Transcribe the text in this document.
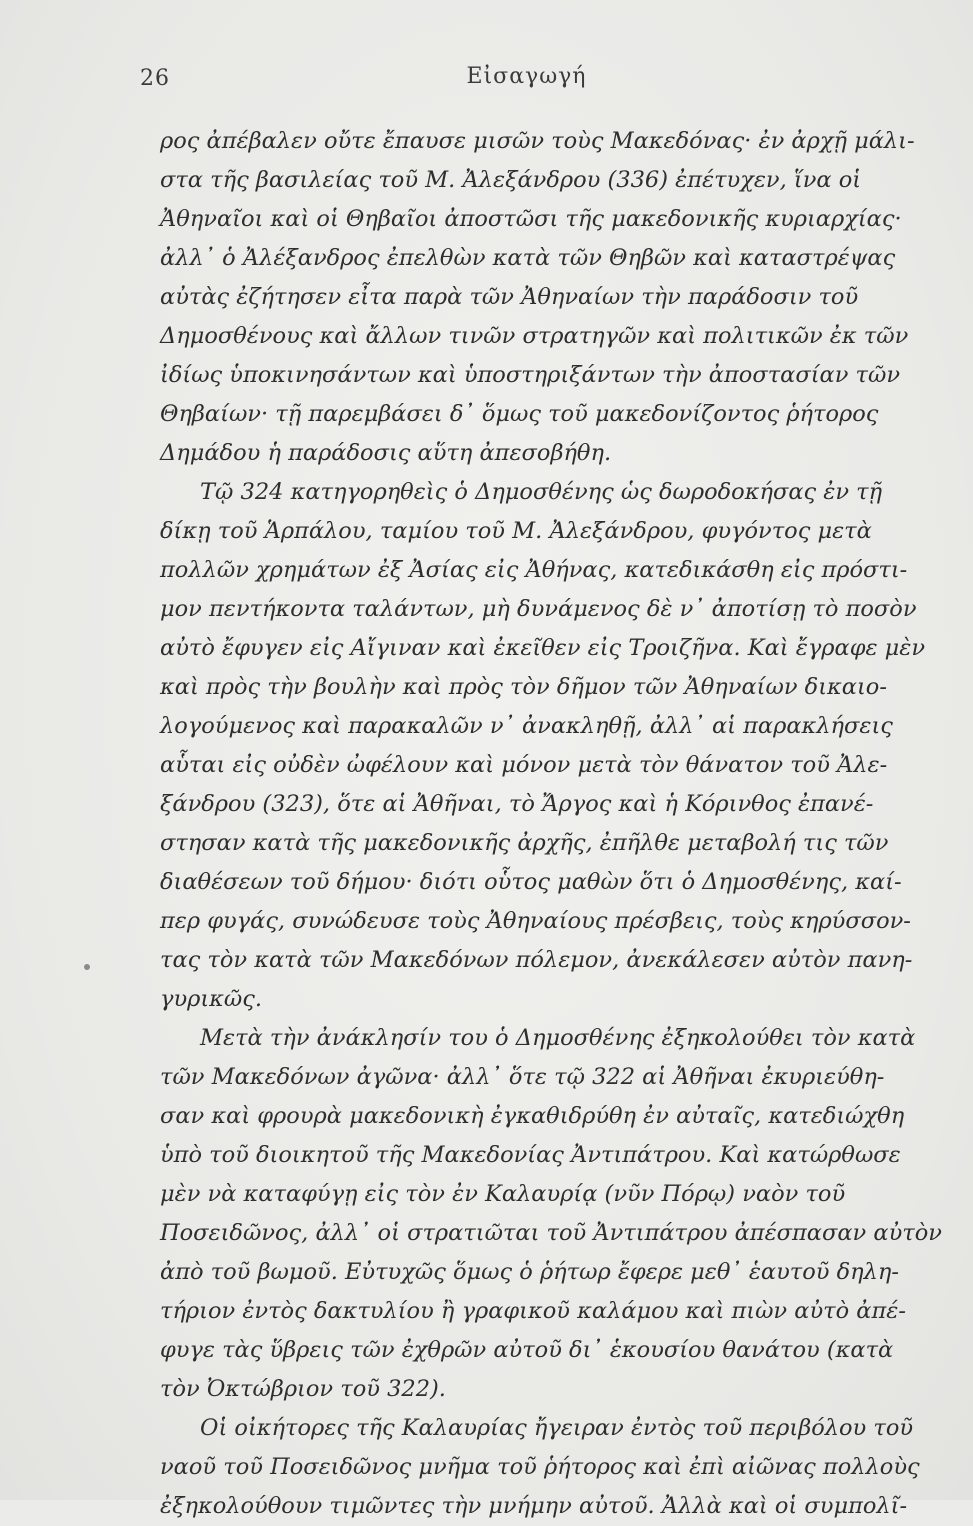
26	Εἰσαγωγή
ρος ἀπέβαλεν οὔτε ἔπαυσε μισῶν τοὺς Μακεδόνας· ἐν ἀρχῇ μάλι-
στα τῆς βασιλείας τοῦ Μ. Ἀλεξάνδρου (336) ἐπέτυχεν, ἵνα οἱ
Ἀθηναῖοι καὶ οἱ Θηβαῖοι ἀποστῶσι τῆς μακεδονικῆς κυριαρχίας·
ἀλλ᾽ ὁ Ἀλέξανδρος ἐπελθὼν κατὰ τῶν Θηβῶν καὶ καταστρέψας
αὐτὰς ἐζήτησεν εἶτα παρὰ τῶν Ἀθηναίων τὴν παράδοσιν τοῦ
Δημοσθένους καὶ ἄλλων τινῶν στρατηγῶν καὶ πολιτικῶν ἐκ τῶν
ἰδίως ὑποκινησάντων καὶ ὑποστηριξάντων τὴν ἀποστασίαν τῶν
Θηβαίων· τῇ παρεμβάσει δ᾽ ὅμως τοῦ μακεδονίζοντος ῥήτορος
Δημάδου ἡ παράδοσις αὕτη ἀπεσοβήθη.
Τῷ 324 κατηγορηθεὶς ὁ Δημοσθένης ὡς δωροδοκήσας ἐν τῇ
δίκῃ τοῦ Ἁρπάλου, ταμίου τοῦ Μ. Ἀλεξάνδρου, φυγόντος μετὰ
πολλῶν χρημάτων ἐξ Ἀσίας εἰς Ἀθήνας, κατεδικάσθη εἰς πρόστι-
μον πεντήκοντα ταλάντων, μὴ δυνάμενος δὲ ν᾽ ἀποτίσῃ τὸ ποσὸν
αὐτὸ ἔφυγεν εἰς Αἴγιναν καὶ ἐκεῖθεν εἰς Τροιζῆνα. Καὶ ἔγραφε μὲν
καὶ πρὸς τὴν βουλὴν καὶ πρὸς τὸν δῆμον τῶν Ἀθηναίων δικαιο-
λογούμενος καὶ παρακαλῶν ν᾽ ἀνακληθῇ, ἀλλ᾽ αἱ παρακλήσεις
αὗται εἰς οὐδὲν ὠφέλουν καὶ μόνον μετὰ τὸν θάνατον τοῦ Ἀλε-
ξάνδρου (323), ὅτε αἱ Ἀθῆναι, τὸ Ἄργος καὶ ἡ Κόρινθος ἐπανέ-
στησαν κατὰ τῆς μακεδονικῆς ἀρχῆς, ἐπῆλθε μεταβολή τις τῶν
διαθέσεων τοῦ δήμου· διότι οὗτος μαθὼν ὅτι ὁ Δημοσθένης, καί-
περ φυγάς, συνώδευσε τοὺς Ἀθηναίους πρέσβεις, τοὺς κηρύσσον-
τας τὸν κατὰ τῶν Μακεδόνων πόλεμον, ἀνεκάλεσεν αὐτὸν πανη-
γυρικῶς.
Μετὰ τὴν ἀνάκλησίν του ὁ Δημοσθένης ἐξηκολούθει τὸν κατὰ
τῶν Μακεδόνων ἀγῶνα· ἀλλ᾽ ὅτε τῷ 322 αἱ Ἀθῆναι ἐκυριεύθη-
σαν καὶ φρουρὰ μακεδονικὴ ἐγκαθιδρύθη ἐν αὐταῖς, κατεδιώχθη
ὑπὸ τοῦ διοικητοῦ τῆς Μακεδονίας Ἀντιπάτρου. Καὶ κατώρθωσε
μὲν νὰ καταφύγῃ εἰς τὸν ἐν Καλαυρίᾳ (νῦν Πόρῳ) ναὸν τοῦ
Ποσειδῶνος, ἀλλ᾽ οἱ στρατιῶται τοῦ Ἀντιπάτρου ἀπέσπασαν αὐτὸν
ἀπὸ τοῦ βωμοῦ. Εὐτυχῶς ὅμως ὁ ῥήτωρ ἔφερε μεθ᾽ ἑαυτοῦ δηλη-
τήριον ἐντὸς δακτυλίου ἢ γραφικοῦ καλάμου καὶ πιὼν αὐτὸ ἀπέ-
φυγε τὰς ὕβρεις τῶν ἐχθρῶν αὐτοῦ δι᾽ ἑκουσίου θανάτου (κατὰ
τὸν Ὀκτώβριον τοῦ 322).
Οἱ οἰκήτορες τῆς Καλαυρίας ἤγειραν ἐντὸς τοῦ περιβόλου τοῦ
ναοῦ τοῦ Ποσειδῶνος μνῆμα τοῦ ῥήτορος καὶ ἐπὶ αἰῶνας πολλοὺς
ἐξηκολούθουν τιμῶντες τὴν μνήμην αὐτοῦ. Ἀλλὰ καὶ οἱ συμπολῖ-
